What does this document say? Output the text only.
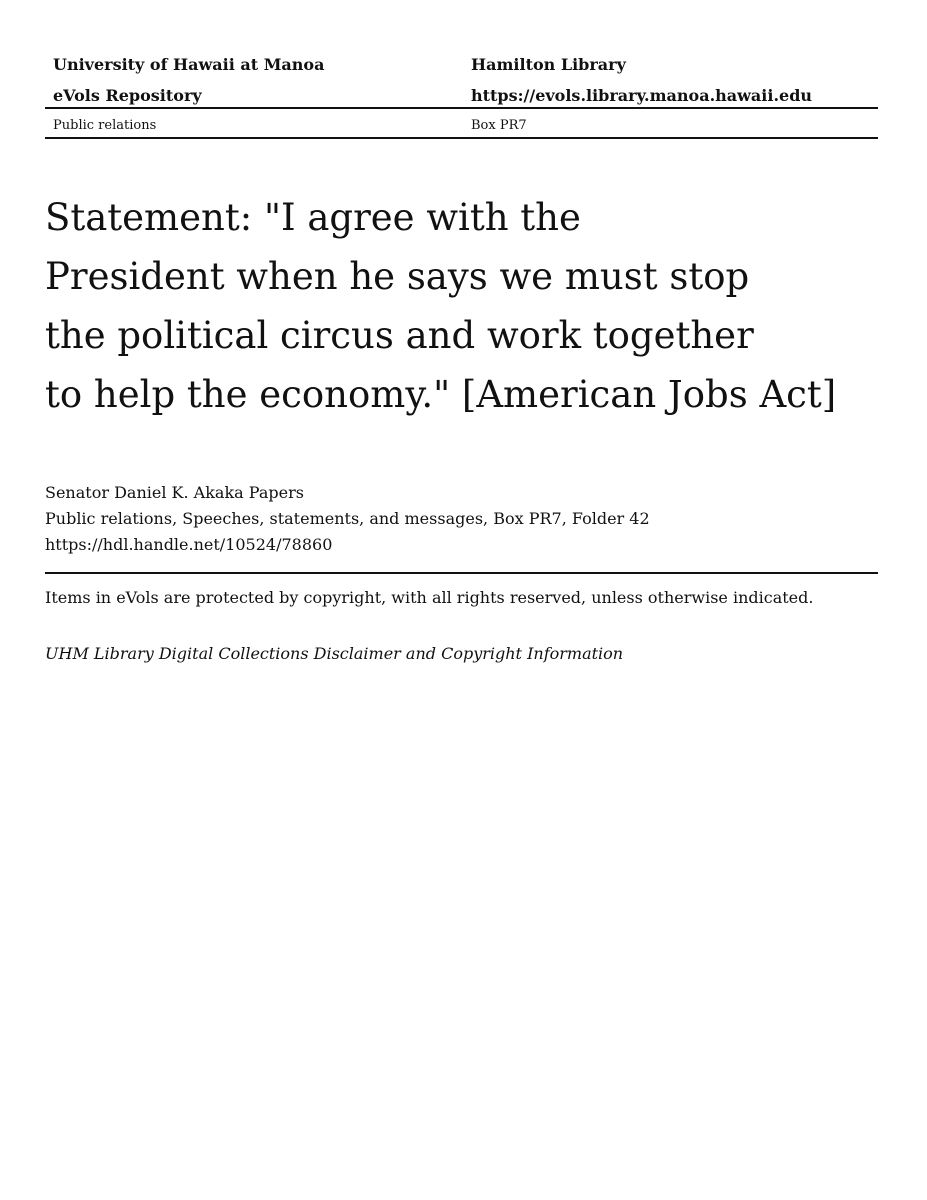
University of Hawaii at Manoa	Hamilton Library
eVols Repository	https://evols.library.manoa.hawaii.edu
Public relations	Box PR7
Statement: "I agree with the
President when he says we must stop
the political circus and work together
to help the economy." [American Jobs Act]
Senator Daniel K. Akaka Papers
Public relations, Speeches, statements, and messages, Box PR7, Folder 42
https://hdl.handle.net/10524/78860
Items in eVols are protected by copyright, with all rights reserved, unless otherwise indicated.
UHM Library Digital Collections Disclaimer and Copyright Information
